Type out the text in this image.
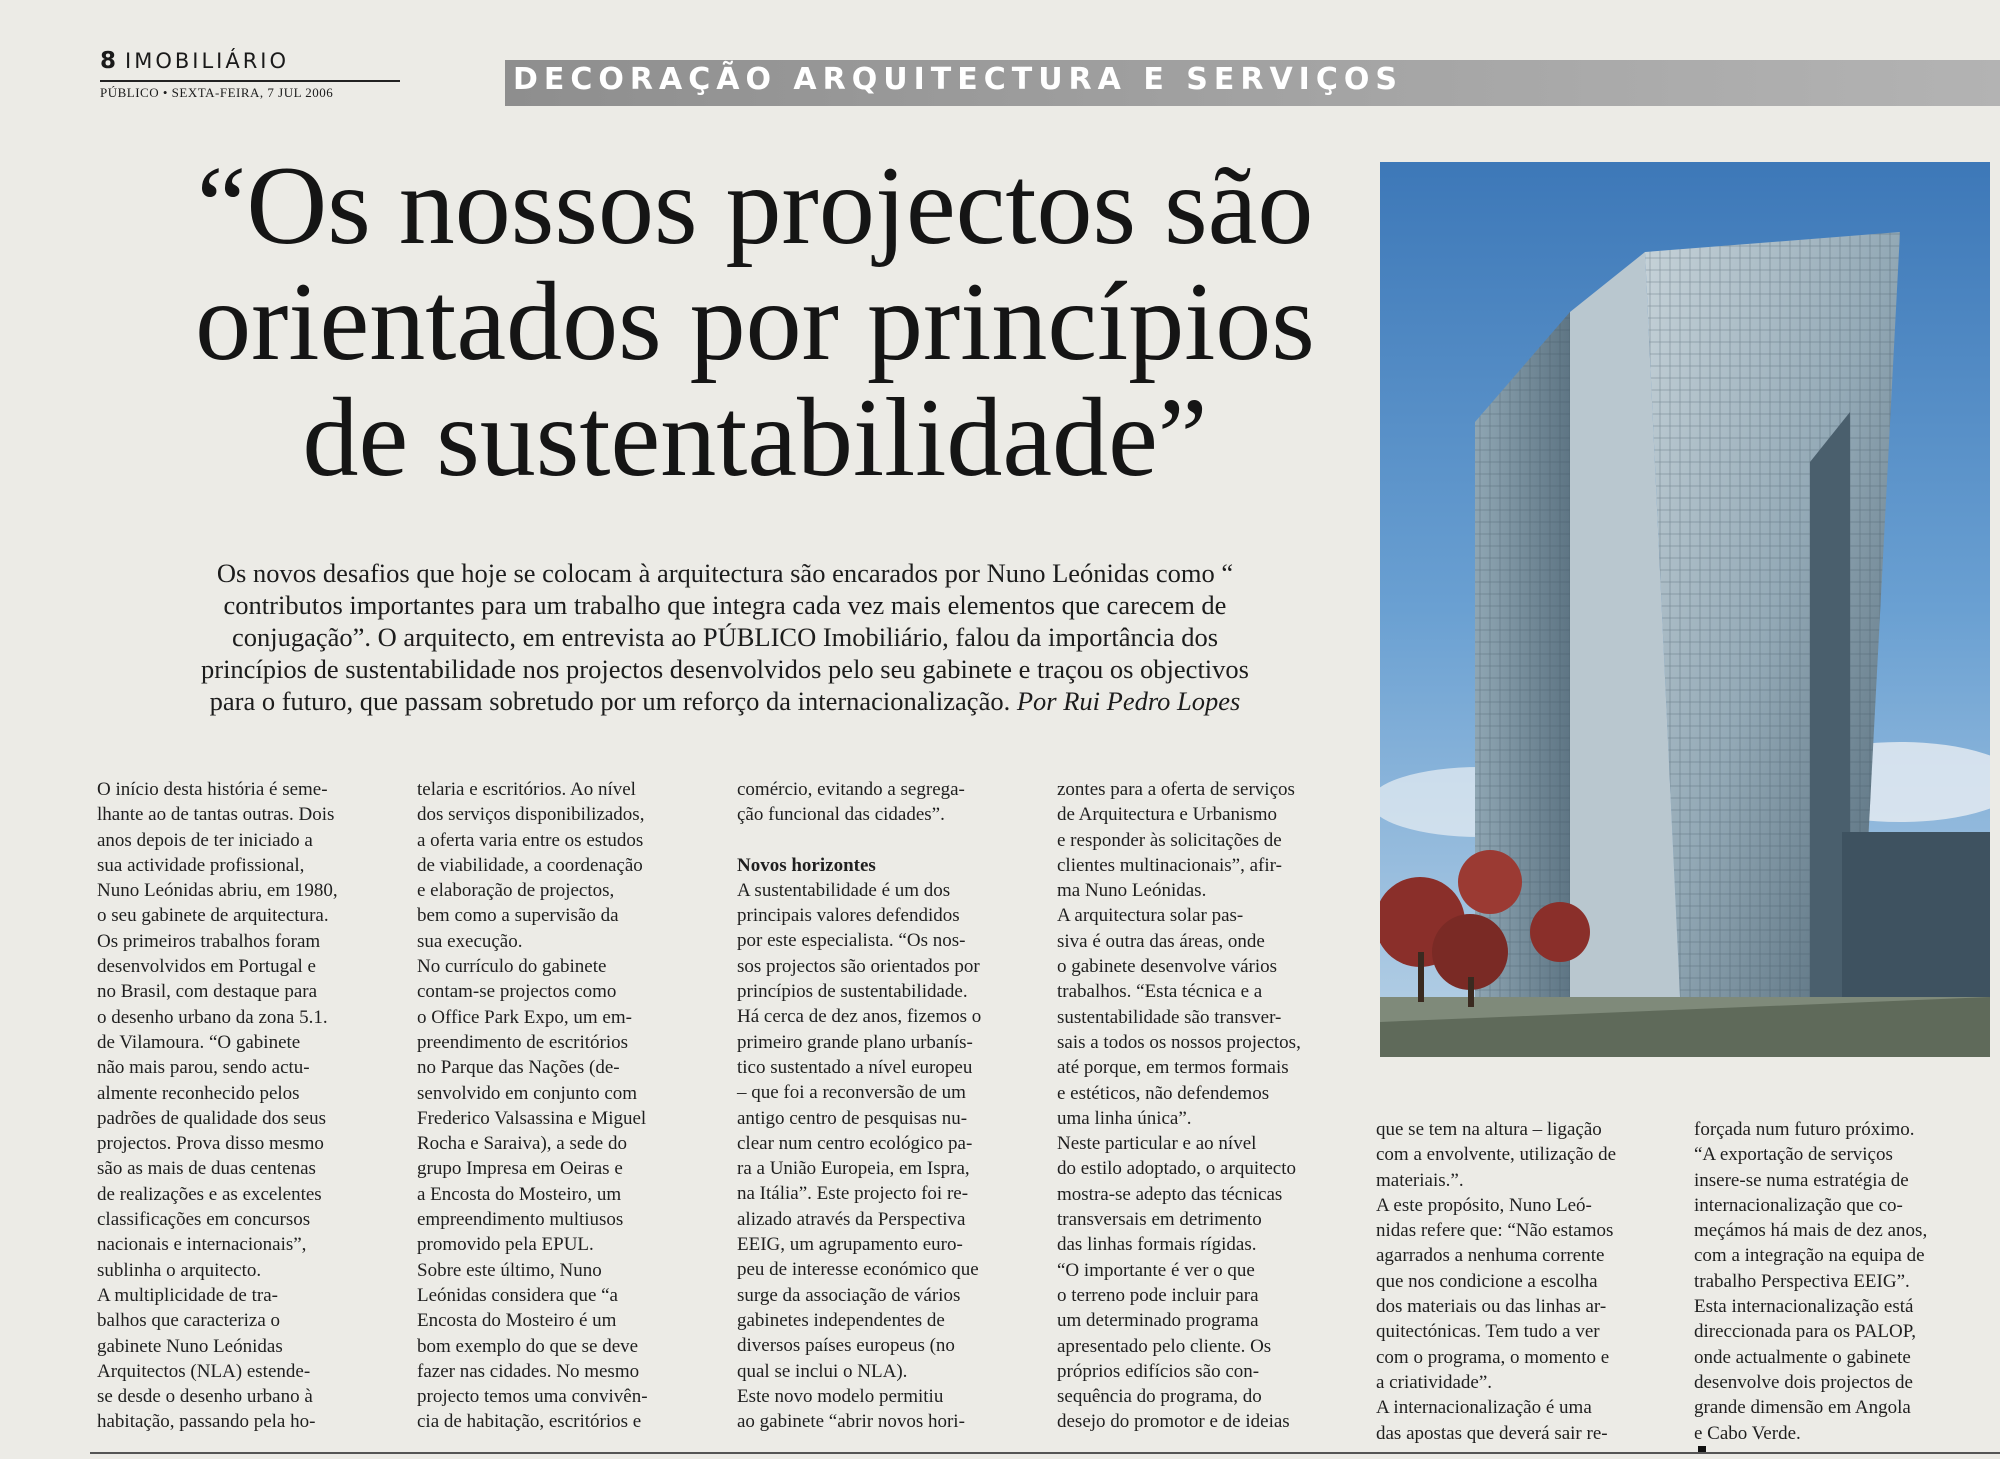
8 IMOBILIÁRIO
PÚBLICO • SEXTA-FEIRA, 7 JUL 2006	DECORAÇÃO ARQUITECTURA E SERVIÇOS
“Os nossos projectos são
orientados por princípios
de sustentabilidade”
Os novos desafios que hoje se colocam à arquitectura são encarados por Nuno Leónidas como “
contributos importantes para um trabalho que integra cada vez mais elementos que carecem de
conjugação”. O arquitecto, em entrevista ao PÚBLICO Imobiliário, falou da importância dos
princípios de sustentabilidade nos projectos desenvolvidos pelo seu gabinete e traçou os objectivos
para o futuro, que passam sobretudo por um reforço da internacionalização. Por Rui Pedro Lopes
O início desta história é seme-
lhante ao de tantas outras. Dois
anos depois de ter iniciado a
sua actividade profissional,
Nuno Leónidas abriu, em 1980,
o seu gabinete de arquitectura.
Os primeiros trabalhos foram
desenvolvidos em Portugal e
no Brasil, com destaque para
o desenho urbano da zona 5.1.
de Vilamoura. “O gabinete
não mais parou, sendo actu-
almente reconhecido pelos
padrões de qualidade dos seus
projectos. Prova disso mesmo
são as mais de duas centenas
de realizações e as excelentes
classificações em concursos
nacionais e internacionais”,
sublinha o arquitecto.
A multiplicidade de tra-
balhos que caracteriza o
gabinete Nuno Leónidas
Arquitectos (NLA) estende-
se desde o desenho urbano à
habitação, passando pela ho-
telaria e escritórios. Ao nível
dos serviços disponibilizados,
a oferta varia entre os estudos
de viabilidade, a coordenação
e elaboração de projectos,
bem como a supervisão da
sua execução.
No currículo do gabinete
contam-se projectos como
o Office Park Expo, um em-
preendimento de escritórios
no Parque das Nações (de-
senvolvido em conjunto com
Frederico Valsassina e Miguel
Rocha e Saraiva), a sede do
grupo Impresa em Oeiras e
a Encosta do Mosteiro, um
empreendimento multiusos
promovido pela EPUL.
Sobre este último, Nuno
Leónidas considera que “a
Encosta do Mosteiro é um
bom exemplo do que se deve
fazer nas cidades. No mesmo
projecto temos uma convivên-
cia de habitação, escritórios e
comércio, evitando a segrega-
ção funcional das cidades”.
Novos horizontes
A sustentabilidade é um dos
principais valores defendidos
por este especialista. “Os nos-
sos projectos são orientados por
princípios de sustentabilidade.
Há cerca de dez anos, fizemos o
primeiro grande plano urbanís-
tico sustentado a nível europeu
– que foi a reconversão de um
antigo centro de pesquisas nu-
clear num centro ecológico pa-
ra a União Europeia, em Ispra,
na Itália”. Este projecto foi re-
alizado através da Perspectiva
EEIG, um agrupamento euro-
peu de interesse económico que
surge da associação de vários
gabinetes independentes de
diversos países europeus (no
qual se inclui o NLA).
Este novo modelo permitiu
ao gabinete “abrir novos hori-
zontes para a oferta de serviços
de Arquitectura e Urbanismo
e responder às solicitações de
clientes multinacionais”, afir-
ma Nuno Leónidas.
A arquitectura solar pas-
siva é outra das áreas, onde
o gabinete desenvolve vários
trabalhos. “Esta técnica e a
sustentabilidade são transver-
sais a todos os nossos projectos,
até porque, em termos formais
e estéticos, não defendemos
uma linha única”.
Neste particular e ao nível
do estilo adoptado, o arquitecto
mostra-se adepto das técnicas
transversais em detrimento
das linhas formais rígidas.
“O importante é ver o que
o terreno pode incluir para
um determinado programa
apresentado pelo cliente. Os
próprios edifícios são con-
sequência do programa, do
desejo do promotor e de ideias
que se tem na altura – ligação
com a envolvente, utilização de
materiais.”.
A este propósito, Nuno Leó-
nidas refere que: “Não estamos
agarrados a nenhuma corrente
que nos condicione a escolha
dos materiais ou das linhas ar-
quitectónicas. Tem tudo a ver
com o programa, o momento e
a criatividade”.
A internacionalização é uma
das apostas que deverá sair re-
forçada num futuro próximo.
“A exportação de serviços
insere-se numa estratégia de
internacionalização que co-
meçámos há mais de dez anos,
com a integração na equipa de
trabalho Perspectiva EEIG”.
Esta internacionalização está
direccionada para os PALOP,
onde actualmente o gabinete
desenvolve dois projectos de
grande dimensão em Angola
e Cabo Verde.
